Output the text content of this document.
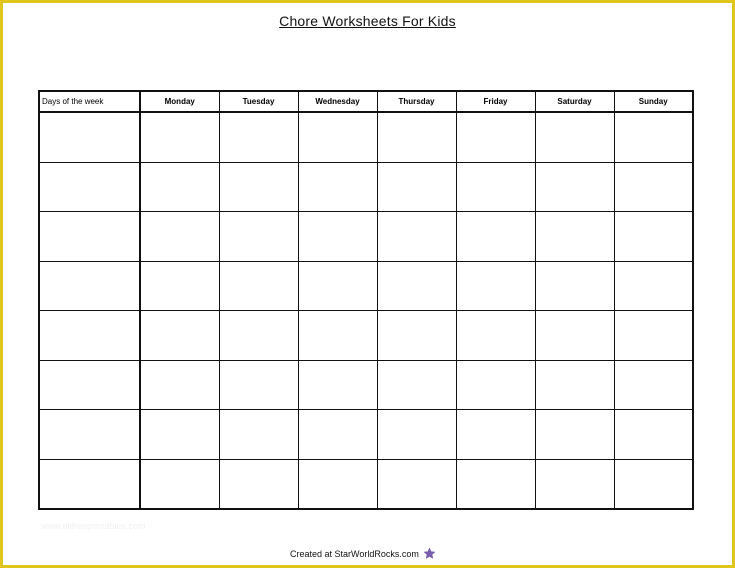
Chore Worksheets For Kids
Days of the week	Monday	Tuesday	Wednesday	Thursday	Friday	Saturday	Sunday

www.allfreeprintables.com
Created at StarWorldRocks.com
